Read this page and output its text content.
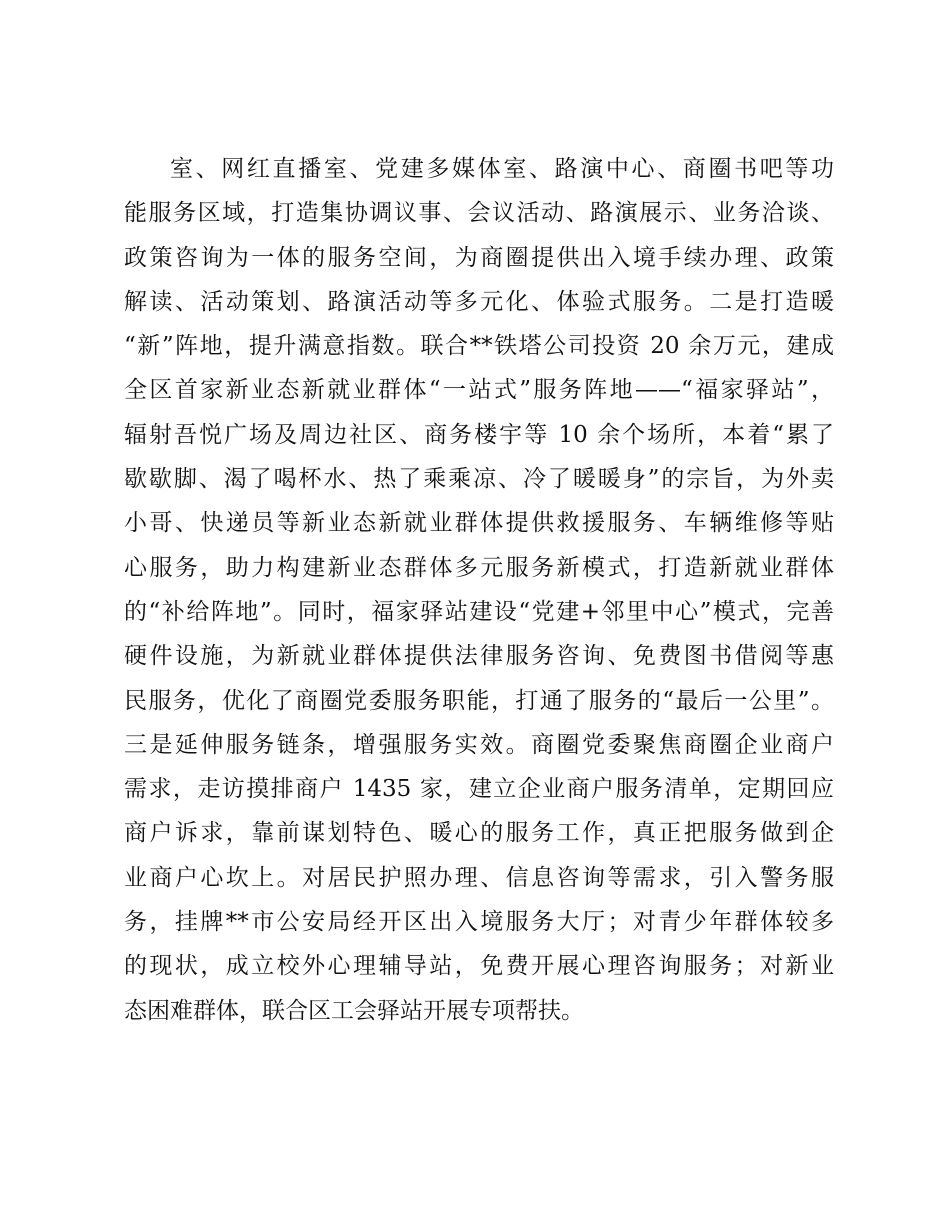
室、网红直播室、党建多媒体室、路演中心、商圈书吧等功
能服务区域，打造集协调议事、会议活动、路演展示、业务洽谈、
政策咨询为一体的服务空间，为商圈提供出入境手续办理、政策
解读、活动策划、路演活动等多元化、体验式服务。二是打造暖
“新”阵地，提升满意指数。联合**铁塔公司投资 20 余万元，建成
全区首家新业态新就业群体“一站式”服务阵地——“福家驿站”，
辐射吾悦广场及周边社区、商务楼宇等 10 余个场所，本着“累了
歇歇脚、渴了喝杯水、热了乘乘凉、冷了暖暖身”的宗旨，为外卖
小哥、快递员等新业态新就业群体提供救援服务、车辆维修等贴
心服务，助力构建新业态群体多元服务新模式，打造新就业群体
的“补给阵地”。同时，福家驿站建设“党建+邻里中心”模式，完善
硬件设施，为新就业群体提供法律服务咨询、免费图书借阅等惠
民服务，优化了商圈党委服务职能，打通了服务的“最后一公里”。
三是延伸服务链条，增强服务实效。商圈党委聚焦商圈企业商户
需求，走访摸排商户 1435 家，建立企业商户服务清单，定期回应
商户诉求，靠前谋划特色、暖心的服务工作，真正把服务做到企
业商户心坎上。对居民护照办理、信息咨询等需求，引入警务服
务，挂牌**市公安局经开区出入境服务大厅；对青少年群体较多
的现状，成立校外心理辅导站，免费开展心理咨询服务；对新业
态困难群体，联合区工会驿站开展专项帮扶。
